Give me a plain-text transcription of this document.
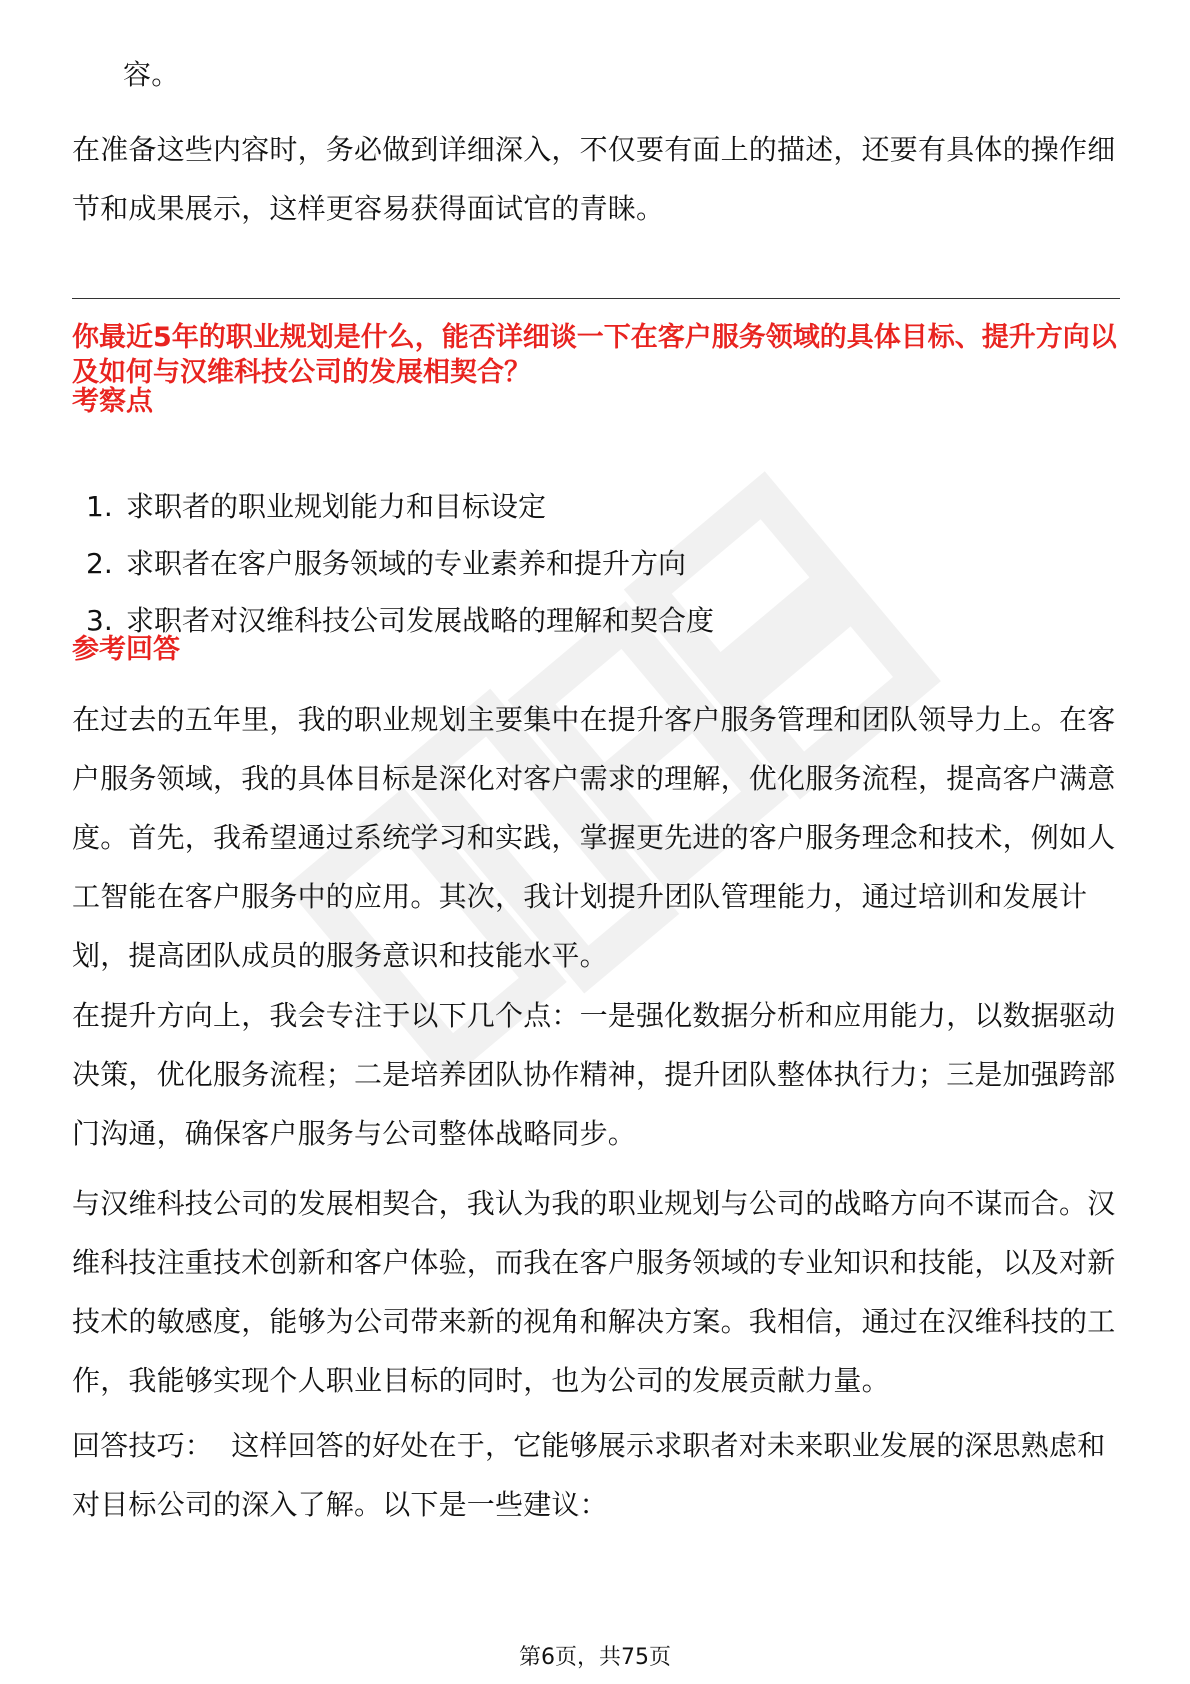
容。

在准备这些内容时，务必做到详细深入，不仅要有面上的描述，还要有具体的操作细节和成果展示，这样更容易获得面试官的青睐。

你最近5年的职业规划是什么，能否详细谈一下在客户服务领域的具体目标、提升方向以及如何与汉维科技公司的发展相契合？

考察点

1. 求职者的职业规划能力和目标设定
2. 求职者在客户服务领域的专业素养和提升方向
3. 求职者对汉维科技公司发展战略的理解和契合度

参考回答

在过去的五年里，我的职业规划主要集中在提升客户服务管理和团队领导力上。在客户服务领域，我的具体目标是深化对客户需求的理解，优化服务流程，提高客户满意度。首先，我希望通过系统学习和实践，掌握更先进的客户服务理念和技术，例如人工智能在客户服务中的应用。其次，我计划提升团队管理能力，通过培训和发展计划，提高团队成员的服务意识和技能水平。

在提升方向上，我会专注于以下几个点：一是强化数据分析和应用能力，以数据驱动决策，优化服务流程；二是培养团队协作精神，提升团队整体执行力；三是加强跨部门沟通，确保客户服务与公司整体战略同步。

与汉维科技公司的发展相契合，我认为我的职业规划与公司的战略方向不谋而合。汉维科技注重技术创新和客户体验，而我在客户服务领域的专业知识和技能，以及对新技术的敏感度，能够为公司带来新的视角和解决方案。我相信，通过在汉维科技的工作，我能够实现个人职业目标的同时，也为公司的发展贡献力量。

回答技巧：  这样回答的好处在于，它能够展示求职者对未来职业发展的深思熟虑和对目标公司的深入了解。以下是一些建议：

第6页，共75页
